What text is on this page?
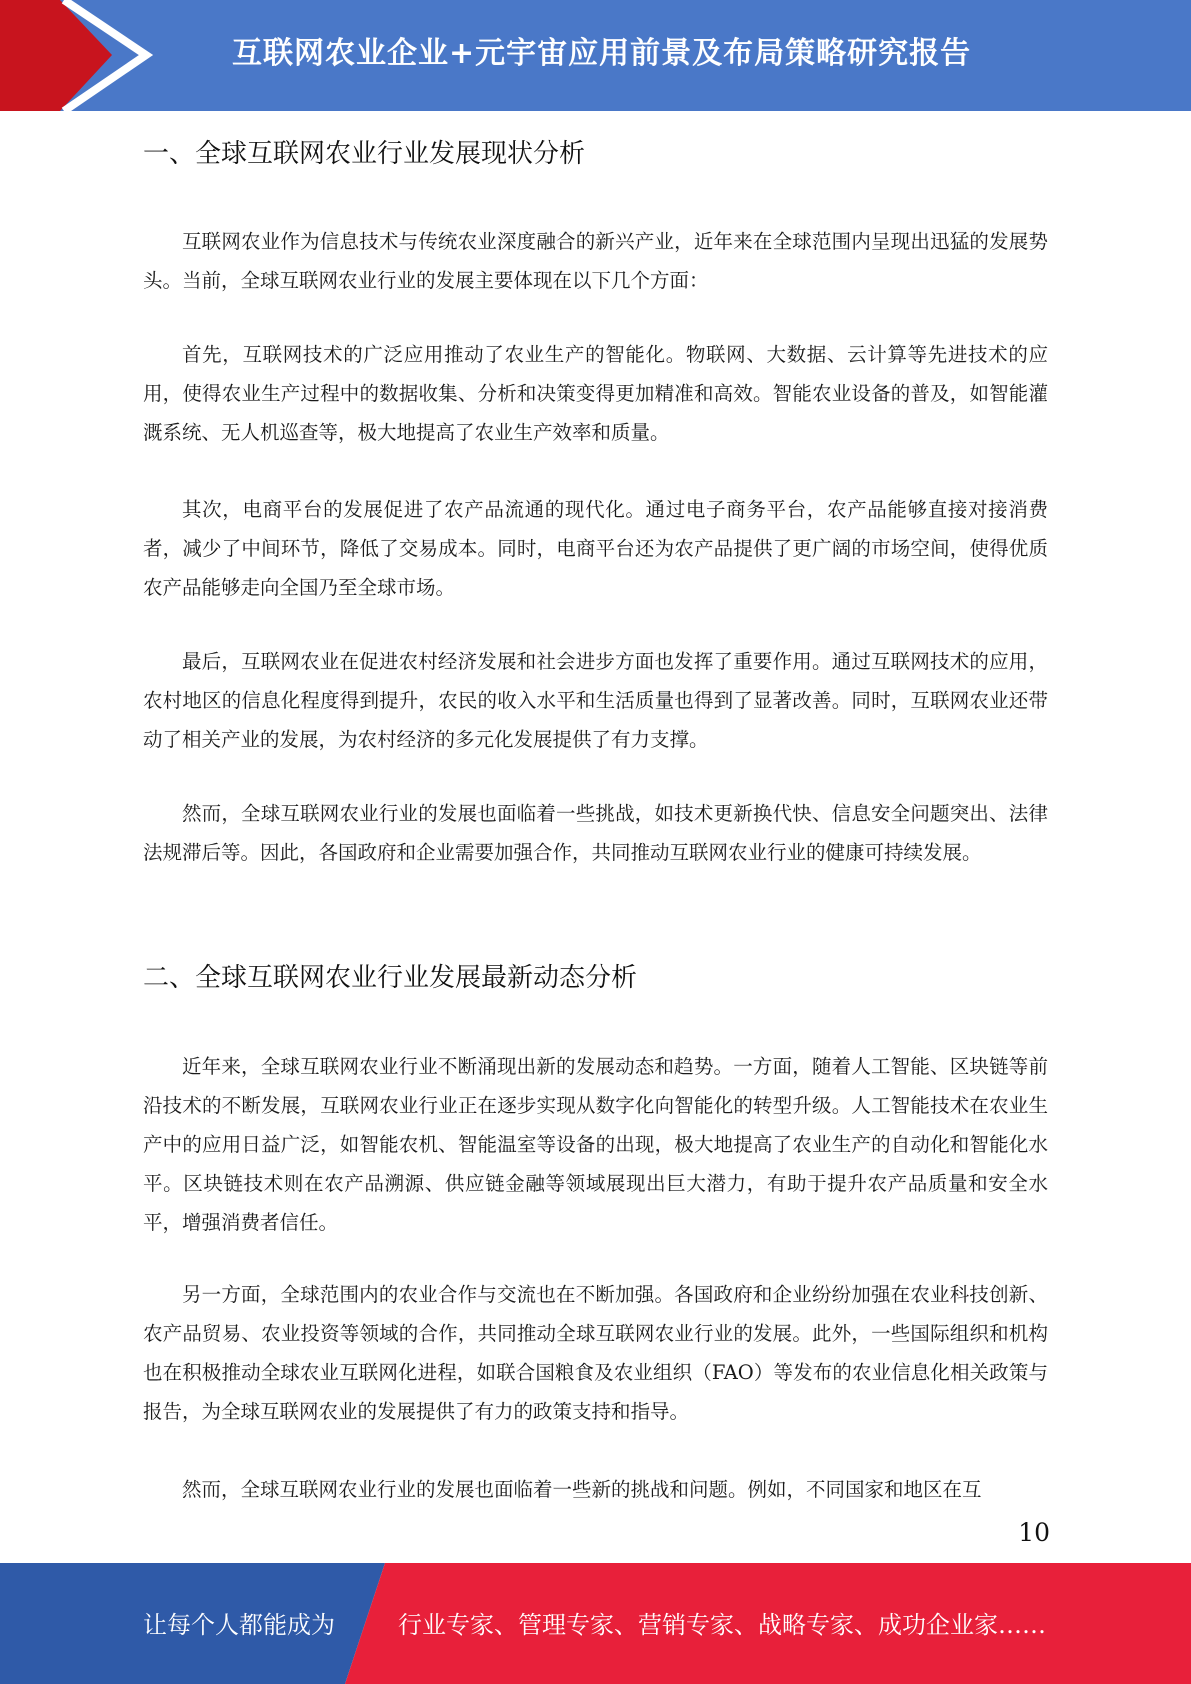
互联网农业企业+元宇宙应用前景及布局策略研究报告
一、全球互联网农业行业发展现状分析
互联网农业作为信息技术与传统农业深度融合的新兴产业，近年来在全球范围内呈现出迅猛的发展势头。当前，全球互联网农业行业的发展主要体现在以下几个方面：
首先，互联网技术的广泛应用推动了农业生产的智能化。物联网、大数据、云计算等先进技术的应用，使得农业生产过程中的数据收集、分析和决策变得更加精准和高效。智能农业设备的普及，如智能灌溉系统、无人机巡查等，极大地提高了农业生产效率和质量。
其次，电商平台的发展促进了农产品流通的现代化。通过电子商务平台，农产品能够直接对接消费者，减少了中间环节，降低了交易成本。同时，电商平台还为农产品提供了更广阔的市场空间，使得优质农产品能够走向全国乃至全球市场。
最后，互联网农业在促进农村经济发展和社会进步方面也发挥了重要作用。通过互联网技术的应用，农村地区的信息化程度得到提升，农民的收入水平和生活质量也得到了显著改善。同时，互联网农业还带动了相关产业的发展，为农村经济的多元化发展提供了有力支撑。
然而，全球互联网农业行业的发展也面临着一些挑战，如技术更新换代快、信息安全问题突出、法律法规滞后等。因此，各国政府和企业需要加强合作，共同推动互联网农业行业的健康可持续发展。
二、全球互联网农业行业发展最新动态分析
近年来，全球互联网农业行业不断涌现出新的发展动态和趋势。一方面，随着人工智能、区块链等前沿技术的不断发展，互联网农业行业正在逐步实现从数字化向智能化的转型升级。人工智能技术在农业生产中的应用日益广泛，如智能农机、智能温室等设备的出现，极大地提高了农业生产的自动化和智能化水平。区块链技术则在农产品溯源、供应链金融等领域展现出巨大潜力，有助于提升农产品质量和安全水平，增强消费者信任。
另一方面，全球范围内的农业合作与交流也在不断加强。各国政府和企业纷纷加强在农业科技创新、农产品贸易、农业投资等领域的合作，共同推动全球互联网农业行业的发展。此外，一些国际组织和机构也在积极推动全球农业互联网化进程，如联合国粮食及农业组织（FAO）等发布的农业信息化相关政策与报告，为全球互联网农业的发展提供了有力的政策支持和指导。
然而，全球互联网农业行业的发展也面临着一些新的挑战和问题。例如，不同国家和地区在互
10
让每个人都能成为	行业专家、管理专家、营销专家、战略专家、成功企业家……
